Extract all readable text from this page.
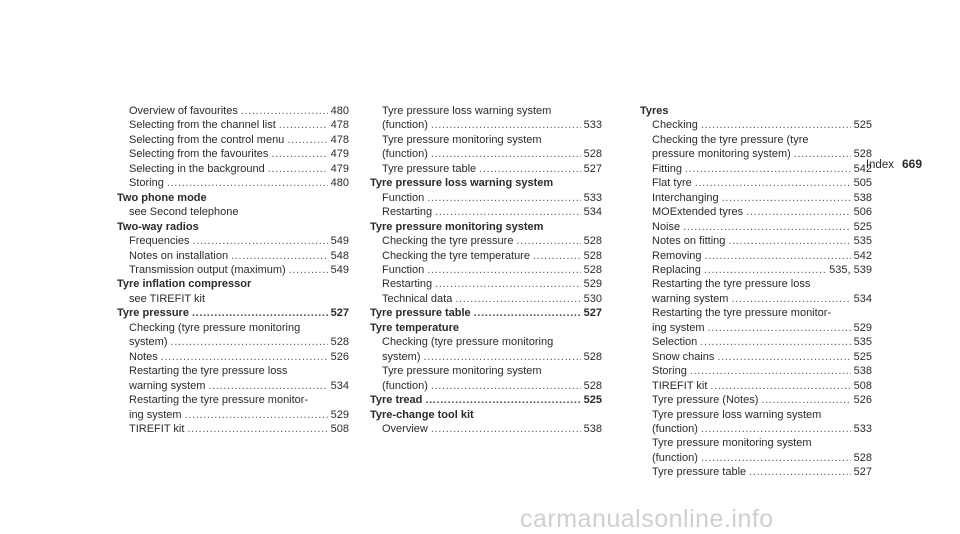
Index 669
Overview of favourites . . .	480
Selecting from the channel list . . .	478
Selecting from the control menu . . .	478
Selecting from the favourites . . .	479
Selecting in the background . . .	479
Storing . . .	480
Two phone mode
see Second telephone
Two-way radios
Frequencies . . .	549
Notes on installation . . .	548
Transmission output (maximum) . . .	549
Tyre inflation compressor
see TIREFIT kit
Tyre pressure . . .	527
Checking (tyre pressure monitoring
system) . . .	528
Notes . . .	526
Restarting the tyre pressure loss
warning system . . .	534
Restarting the tyre pressure monitor-
ing system . . .	529
TIREFIT kit . . .	508
Tyre pressure loss warning system
(function) . . .	533
Tyre pressure monitoring system
(function) . . .	528
Tyre pressure table . . .	527
Tyre pressure loss warning system
Function . . .	533
Restarting . . .	534
Tyre pressure monitoring system
Checking the tyre pressure . . .	528
Checking the tyre temperature . . .	528
Function . . .	528
Restarting . . .	529
Technical data . . .	530
Tyre pressure table . . .	527
Tyre temperature
Checking (tyre pressure monitoring
system) . . .	528
Tyre pressure monitoring system
(function) . . .	528
Tyre tread . . .	525
Tyre-change tool kit
Overview . . .	538
Tyres
Checking . . .	525
Checking the tyre pressure (tyre
pressure monitoring system) . . .	528
Fitting . . .	542
Flat tyre . . .	505
Interchanging . . .	538
MOExtended tyres . . .	506
Noise . . .	525
Notes on fitting . . .	535
Removing . . .	542
Replacing . . .	535, 539
Restarting the tyre pressure loss
warning system . . .	534
Restarting the tyre pressure monitor-
ing system . . .	529
Selection . . .	535
Snow chains . . .	525
Storing . . .	538
TIREFIT kit . . .	508
Tyre pressure (Notes) . . .	526
Tyre pressure loss warning system
(function) . . .	533
Tyre pressure monitoring system
(function) . . .	528
Tyre pressure table . . .	527
carmanualsonline.info
